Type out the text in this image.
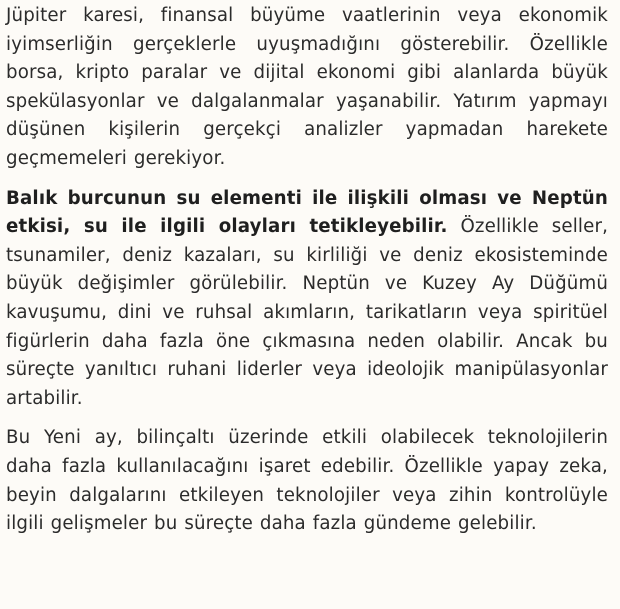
Jüpiter karesi, finansal büyüme vaatlerinin veya ekonomik iyimserliğin gerçeklerle uyuşmadığını gösterebilir. Özellikle borsa, kripto paralar ve dijital ekonomi gibi alanlarda büyük spekülasyonlar ve dalgalanmalar yaşanabilir. Yatırım yapmayı düşünen kişilerin gerçekçi analizler yapmadan harekete geçmemeleri gerekiyor.

Balık burcunun su elementi ile ilişkili olması ve Neptün etkisi, su ile ilgili olayları tetikleyebilir. Özellikle seller, tsunamiler, deniz kazaları, su kirliliği ve deniz ekosisteminde büyük değişimler görülebilir. Neptün ve Kuzey Ay Düğümü kavuşumu, dini ve ruhsal akımların, tarikatların veya spiritüel figürlerin daha fazla öne çıkmasına neden olabilir. Ancak bu süreçte yanıltıcı ruhani liderler veya ideolojik manipülasyonlar artabilir.

Bu Yeni ay, bilinçaltı üzerinde etkili olabilecek teknolojilerin daha fazla kullanılacağını işaret edebilir. Özellikle yapay zeka, beyin dalgalarını etkileyen teknolojiler veya zihin kontrolüyle ilgili gelişmeler bu süreçte daha fazla gündeme gelebilir.
